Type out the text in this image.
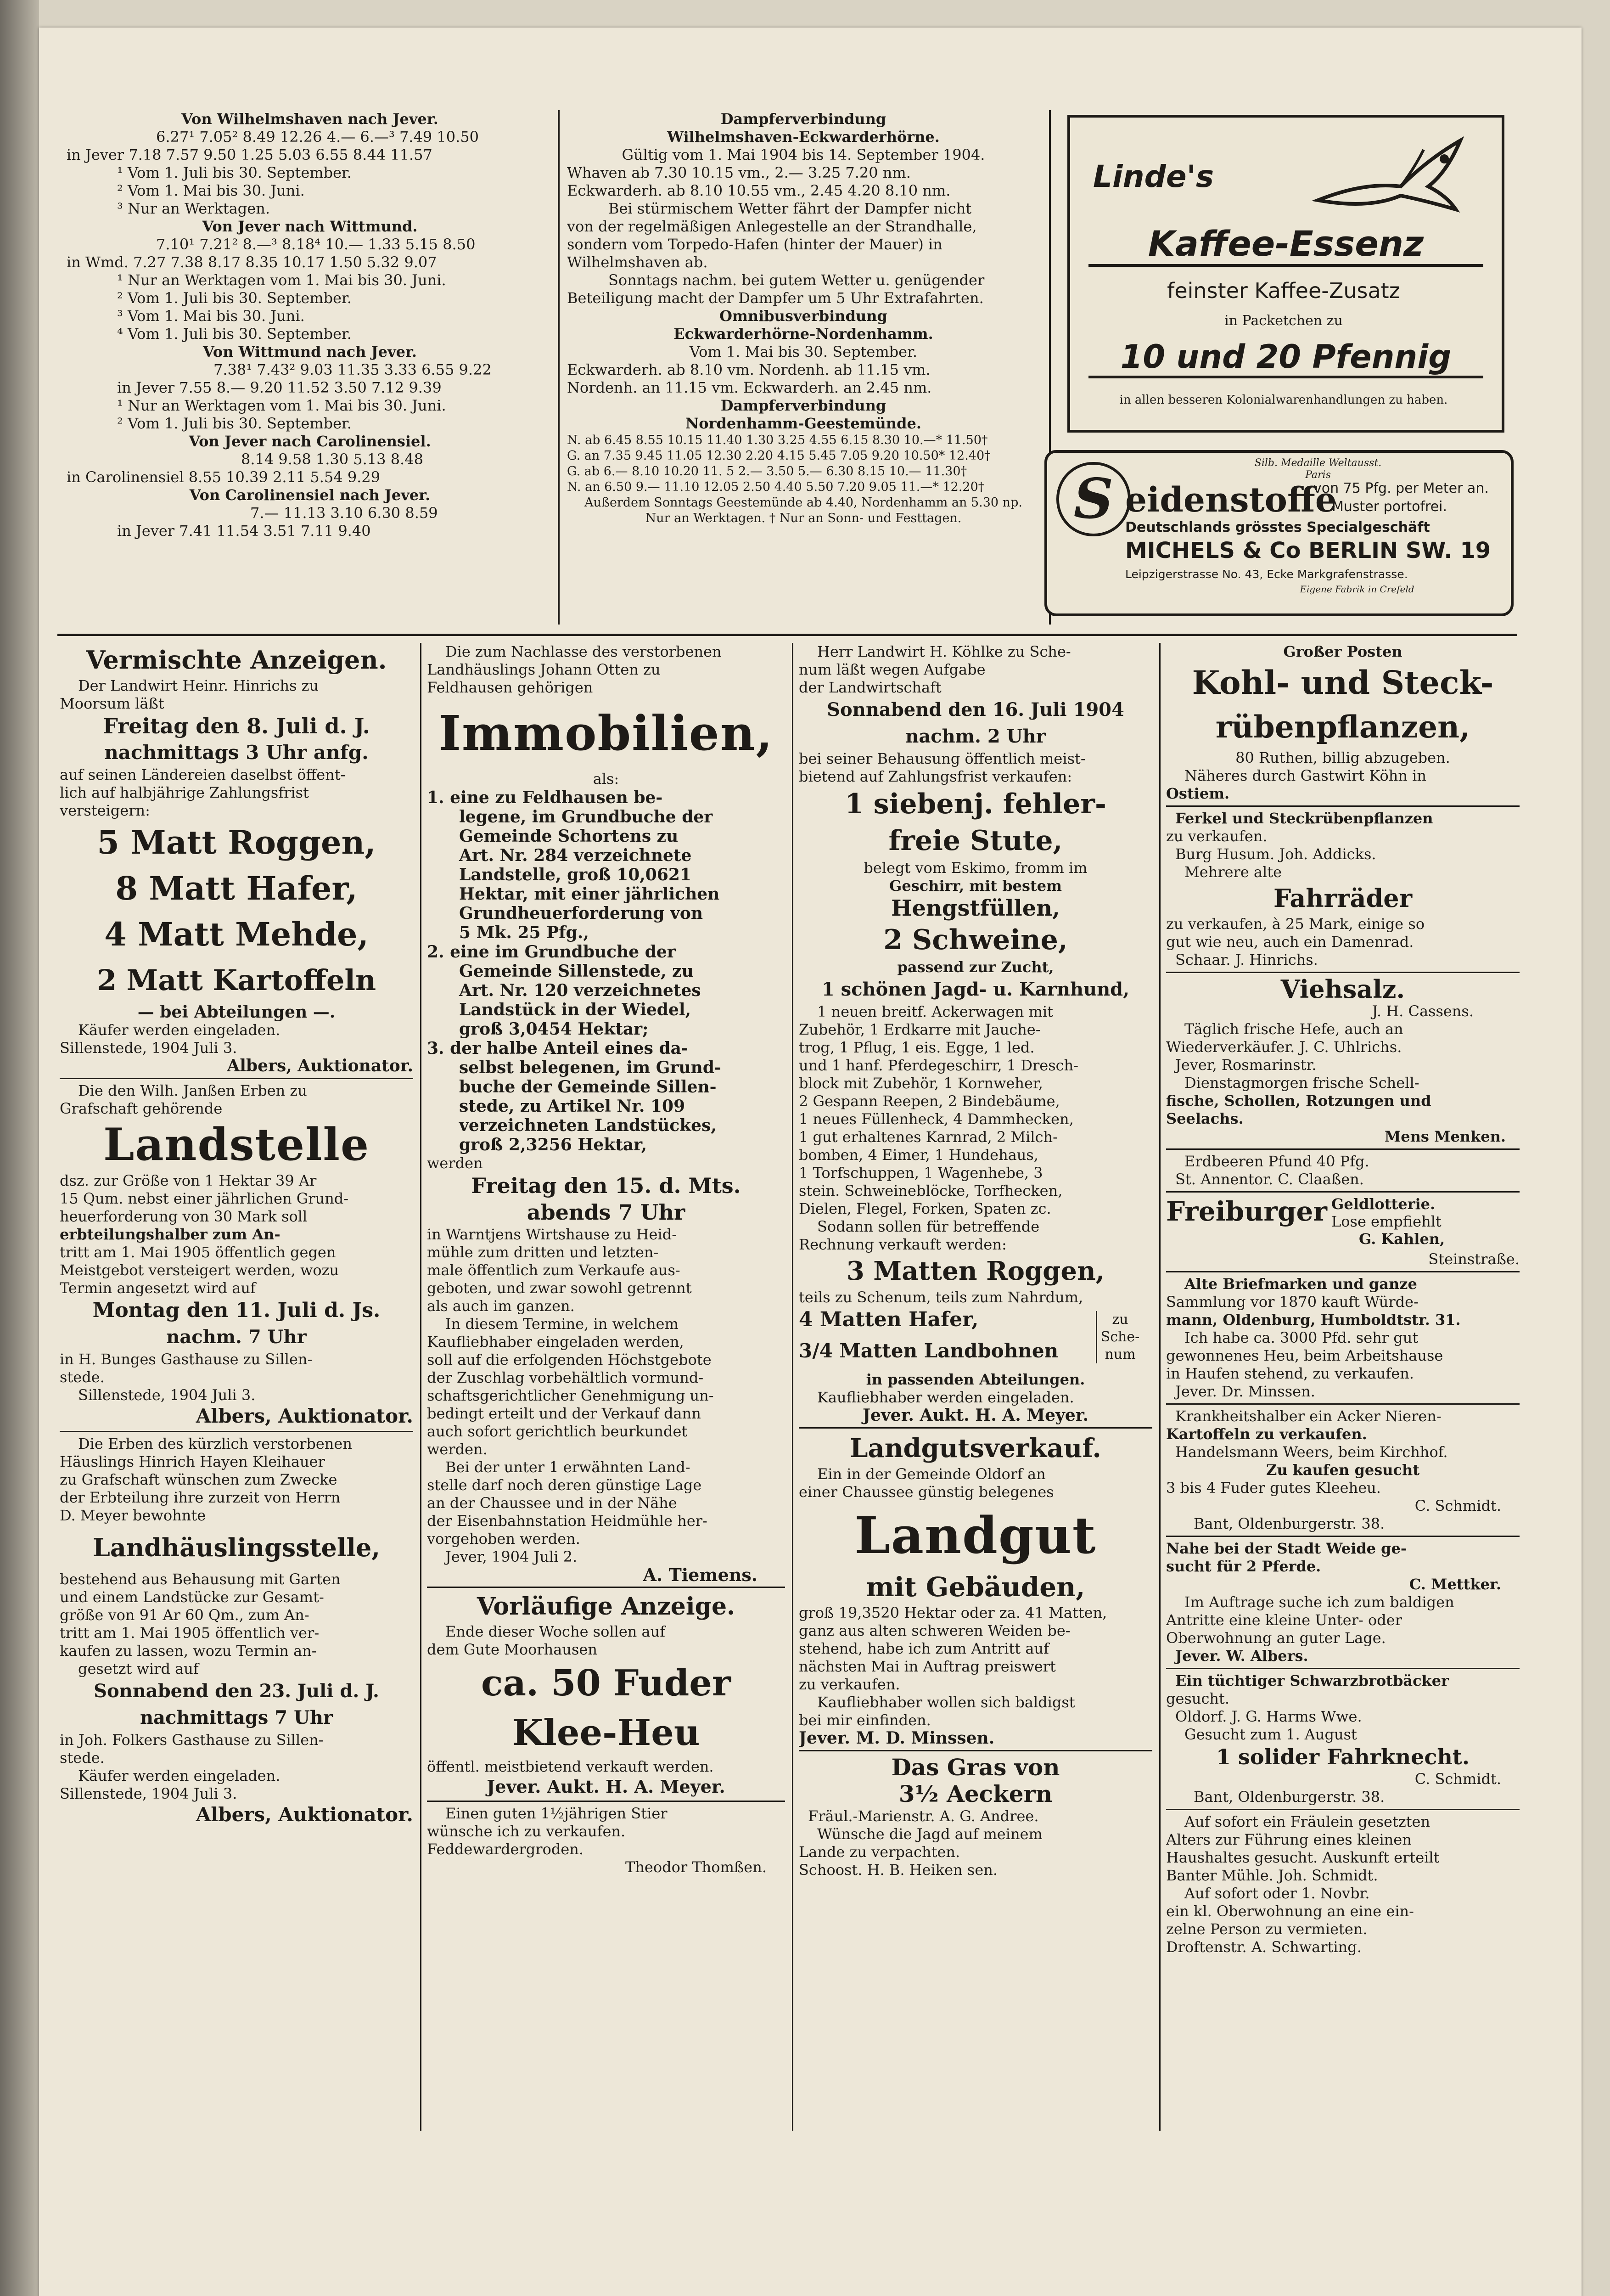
Von Wilhelmshaven nach Jever.
6.27¹ 7.05² 8.49 12.26 4.— 6.—³ 7.49 10.50
in Jever 7.18 7.57 9.50 1.25 5.03 6.55 8.44 11.57
¹ Vom 1. Juli bis 30. September.
² Vom 1. Mai bis 30. Juni.
³ Nur an Werktagen.
Von Jever nach Wittmund.
7.10¹ 7.21² 8.—³ 8.18⁴ 10.— 1.33 5.15 8.50
in Wmd. 7.27 7.38 8.17 8.35 10.17 1.50 5.32 9.07
¹ Nur an Werktagen vom 1. Mai bis 30. Juni.
² Vom 1. Juli bis 30. September.
³ Vom 1. Mai bis 30. Juni.
⁴ Vom 1. Juli bis 30. September.
Von Wittmund nach Jever.
7.38¹ 7.43² 9.03 11.35 3.33 6.55 9.22
in Jever 7.55 8.— 9.20 11.52 3.50 7.12 9.39
¹ Nur an Werktagen vom 1. Mai bis 30. Juni.
² Vom 1. Juli bis 30. September.
Von Jever nach Carolinensiel.
8.14 9.58 1.30 5.13 8.48
in Carolinensiel 8.55 10.39 2.11 5.54 9.29
Von Carolinensiel nach Jever.
7.— 11.13 3.10 6.30 8.59
in Jever 7.41 11.54 3.51 7.11 9.40
Dampferverbindung
Wilhelmshaven-Eckwarderhörne.
Gültig vom 1. Mai 1904 bis 14. September 1904.
Whaven ab 7.30 10.15 vm., 2.— 3.25 7.20 nm.
Eckwarderh. ab 8.10 10.55 vm., 2.45 4.20 8.10 nm.
Bei stürmischem Wetter fährt der Dampfer nicht
von der regelmäßigen Anlegestelle an der Strandhalle,
sondern vom Torpedo-Hafen (hinter der Mauer) in
Wilhelmshaven ab.
Sonntags nachm. bei gutem Wetter u. genügender
Beteiligung macht der Dampfer um 5 Uhr Extrafahrten.
Omnibusverbindung
Eckwarderhörne-Nordenhamm.
Vom 1. Mai bis 30. September.
Eckwarderh. ab 8.10 vm. Nordenh. ab 11.15 vm.
Nordenh. an 11.15 vm. Eckwarderh. an 2.45 nm.
Dampferverbindung
Nordenhamm-Geestemünde.
N. ab 6.45 8.55 10.15 11.40 1.30 3.25 4.55 6.15 8.30 10.—* 11.50†
G. an 7.35 9.45 11.05 12.30 2.20 4.15 5.45 7.05 9.20 10.50* 12.40†
G. ab 6.— 8.10 10.20 11. 5 2.— 3.50 5.— 6.30 8.15 10.— 11.30†
N. an 6.50 9.— 11.10 12.05 2.50 4.40 5.50 7.20 9.05 11.—* 12.20†
Außerdem Sonntags Geestemünde ab 4.40, Nordenhamm an 5.30 np.
Nur an Werktagen. † Nur an Sonn- und Festtagen.
Linde's
Kaffee-Essenz
feinster Kaffee-Zusatz
in Packetchen zu
10 und 20 Pfennig
in allen besseren Kolonialwarenhandlungen zu haben.
Silb. Medaille Weltausst. Paris
S eidenstoffe
von 75 Pfg. per Meter an.
Muster portofrei.
Deutschlands grösstes Specialgeschäft
MICHELS & Co BERLIN SW. 19
Leipzigerstrasse No. 43, Ecke Markgrafenstrasse.
Eigene Fabrik in Crefeld
Vermischte Anzeigen.
Der Landwirt Heinr. Hinrichs zu
Moorsum läßt
Freitag den 8. Juli d. J.
nachmittags 3 Uhr anfg.
auf seinen Ländereien daselbst öffent-
lich auf halbjährige Zahlungsfrist
versteigern:
5 Matt Roggen,
8 Matt Hafer,
4 Matt Mehde,
2 Matt Kartoffeln
— bei Abteilungen —.
Käufer werden eingeladen.
Sillenstede, 1904 Juli 3.
Albers, Auktionator.
Die den Wilh. Janßen Erben zu
Grafschaft gehörende
Landstelle
dsz. zur Größe von 1 Hektar 39 Ar
15 Qum. nebst einer jährlichen Grund-
heuerforderung von 30 Mark soll
erbteilungshalber zum An-
tritt am 1. Mai 1905 öffentlich gegen
Meistgebot versteigert werden, wozu
Termin angesetzt wird auf
Montag den 11. Juli d. Js.
nachm. 7 Uhr
in H. Bunges Gasthause zu Sillen-
stede.
Sillenstede, 1904 Juli 3.
Albers, Auktionator.
Die Erben des kürzlich verstorbenen
Häuslings Hinrich Hayen Kleihauer
zu Grafschaft wünschen zum Zwecke
der Erbteilung ihre zurzeit von Herrn
D. Meyer bewohnte
Landhäuslingsstelle,
bestehend aus Behausung mit Garten
und einem Landstücke zur Gesamt-
größe von 91 Ar 60 Qm., zum An-
tritt am 1. Mai 1905 öffentlich ver-
kaufen zu lassen, wozu Termin an-
gesetzt wird auf
Sonnabend den 23. Juli d. J.
nachmittags 7 Uhr
in Joh. Folkers Gasthause zu Sillen-
stede.
Käufer werden eingeladen.
Sillenstede, 1904 Juli 3.
Albers, Auktionator.
Die zum Nachlasse des verstorbenen
Landhäuslings Johann Otten zu
Feldhausen gehörigen
Immobilien,
als:
1. eine zu Feldhausen be-
legene, im Grundbuche der
Gemeinde Schortens zu
Art. Nr. 284 verzeichnete
Landstelle, groß 10,0621
Hektar, mit einer jährlichen
Grundheuerforderung von
5 Mk. 25 Pfg.,
2. eine im Grundbuche der
Gemeinde Sillenstede, zu
Art. Nr. 120 verzeichnetes
Landstück in der Wiedel,
groß 3,0454 Hektar;
3. der halbe Anteil eines da-
selbst belegenen, im Grund-
buche der Gemeinde Sillen-
stede, zu Artikel Nr. 109
verzeichneten Landstückes,
groß 2,3256 Hektar,
werden
Freitag den 15. d. Mts.
abends 7 Uhr
in Warntjens Wirtshause zu Heid-
mühle zum dritten und letzten-
male öffentlich zum Verkaufe aus-
geboten, und zwar sowohl getrennt
als auch im ganzen.
In diesem Termine, in welchem
Kaufliebhaber eingeladen werden,
soll auf die erfolgenden Höchstgebote
der Zuschlag vorbehältlich vormund-
schaftsgerichtlicher Genehmigung un-
bedingt erteilt und der Verkauf dann
auch sofort gerichtlich beurkundet
werden.
Bei der unter 1 erwähnten Land-
stelle darf noch deren günstige Lage
an der Chaussee und in der Nähe
der Eisenbahnstation Heidmühle her-
vorgehoben werden.
Jever, 1904 Juli 2.
A. Tiemens.
Vorläufige Anzeige.
Ende dieser Woche sollen auf
dem Gute Moorhausen
ca. 50 Fuder
Klee-Heu
öffentl. meistbietend verkauft werden.
Jever. Aukt. H. A. Meyer.
Einen guten 1½jährigen Stier
wünsche ich zu verkaufen.
Feddewardergroden.
Theodor Thomßen.
Herr Landwirt H. Köhlke zu Sche-
num läßt wegen Aufgabe
der Landwirtschaft
Sonnabend den 16. Juli 1904
nachm. 2 Uhr
bei seiner Behausung öffentlich meist-
bietend auf Zahlungsfrist verkaufen:
1 siebenj. fehler-
freie Stute,
belegt vom Eskimo, fromm im
Geschirr, mit bestem
Hengstfüllen,
2 Schweine,
passend zur Zucht,
1 schönen Jagd- u. Karnhund,
1 neuen breitf. Ackerwagen mit
Zubehör, 1 Erdkarre mit Jauche-
trog, 1 Pflug, 1 eis. Egge, 1 led.
und 1 hanf. Pferdegeschirr, 1 Dresch-
block mit Zubehör, 1 Kornweher,
2 Gespann Reepen, 2 Bindebäume,
1 neues Füllenheck, 4 Dammhecken,
1 gut erhaltenes Karnrad, 2 Milch-
bomben, 4 Eimer, 1 Hundehaus,
1 Torfschuppen, 1 Wagenhebe, 3
stein. Schweineblöcke, Torfhecken,
Dielen, Flegel, Forken, Spaten zc.
Sodann sollen für betreffende
Rechnung verkauft werden:
3 Matten Roggen,
teils zu Schenum, teils zum Nahrdum,
4 Matten Hafer,
3/4 Matten Landbohnen
zu Sche- num
in passenden Abteilungen.
Kaufliebhaber werden eingeladen.
Jever. Aukt. H. A. Meyer.
Landgutsverkauf.
Ein in der Gemeinde Oldorf an
einer Chaussee günstig belegenes
Landgut
mit Gebäuden,
groß 19,3520 Hektar oder za. 41 Matten,
ganz aus alten schweren Weiden be-
stehend, habe ich zum Antritt auf
nächsten Mai in Auftrag preiswert
zu verkaufen.
Kaufliebhaber wollen sich baldigst
bei mir einfinden.
Jever. M. D. Minssen.
Das Gras von
3½ Aeckern
Fräul.-Marienstr. A. G. Andree.
Wünsche die Jagd auf meinem
Lande zu verpachten.
Schoost. H. B. Heiken sen.
Großer Posten
Kohl- und Steck-
rübenpflanzen,
80 Ruthen, billig abzugeben.
Näheres durch Gastwirt Köhn in
Ostiem.
Ferkel und Steckrübenpflanzen
zu verkaufen.
Burg Husum. Joh. Addicks.
Mehrere alte
Fahrräder
zu verkaufen, à 25 Mark, einige so
gut wie neu, auch ein Damenrad.
Schaar. J. Hinrichs.
Viehsalz.
J. H. Cassens.
Täglich frische Hefe, auch an
Wiederverkäufer. J. C. Uhlrichs.
Jever, Rosmarinstr.
Dienstagmorgen frische Schell-
fische, Schollen, Rotzungen und
Seelachs.
Mens Menken.
Erdbeeren Pfund 40 Pfg.
St. Annentor. C. Claaßen.
Freiburger Geldlotterie.
Lose empfiehlt
G. Kahlen,
Steinstraße.
Alte Briefmarken und ganze
Sammlung vor 1870 kauft Würde-
mann, Oldenburg, Humboldtstr. 31.
Ich habe ca. 3000 Pfd. sehr gut
gewonnenes Heu, beim Arbeitshause
in Haufen stehend, zu verkaufen.
Jever. Dr. Minssen.
Krankheitshalber ein Acker Nieren-
Kartoffeln zu verkaufen.
Handelsmann Weers, beim Kirchhof.
Zu kaufen gesucht
3 bis 4 Fuder gutes Kleeheu.
C. Schmidt.
Bant, Oldenburgerstr. 38.
Nahe bei der Stadt Weide ge-
sucht für 2 Pferde.
C. Mettker.
Im Auftrage suche ich zum baldigen
Antritte eine kleine Unter- oder
Oberwohnung an guter Lage.
Jever. W. Albers.
Ein tüchtiger Schwarzbrotbäcker
gesucht.
Oldorf. J. G. Harms Wwe.
Gesucht zum 1. August
1 solider Fahrknecht.
C. Schmidt.
Bant, Oldenburgerstr. 38.
Auf sofort ein Fräulein gesetzten
Alters zur Führung eines kleinen
Haushaltes gesucht. Auskunft erteilt
Banter Mühle. Joh. Schmidt.
Auf sofort oder 1. Novbr.
ein kl. Oberwohnung an eine ein-
zelne Person zu vermieten.
Droftenstr. A. Schwarting.
